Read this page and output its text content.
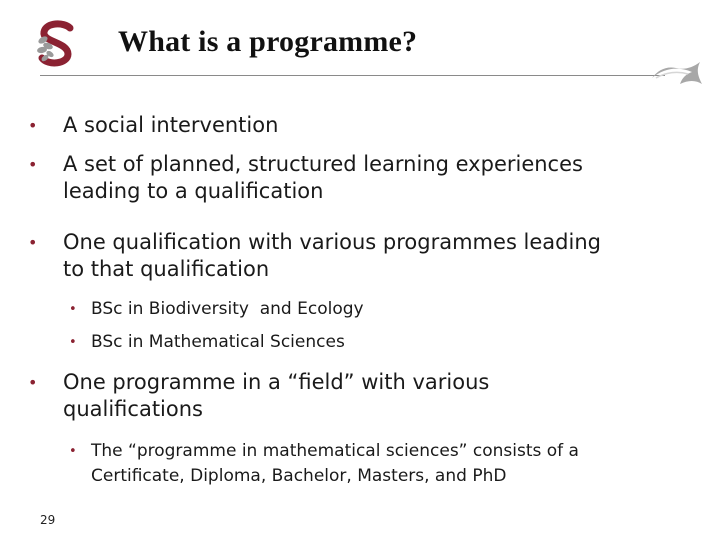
What is a programme?
• A social intervention
• A set of planned, structured learning experiences leading to a qualification
• One qualification with various programmes leading to that qualification
• BSc in Biodiversity  and Ecology
• BSc in Mathematical Sciences
• One programme in a “field” with various qualifications
• The “programme in mathematical sciences” consists of a Certificate, Diploma, Bachelor, Masters, and PhD
29
